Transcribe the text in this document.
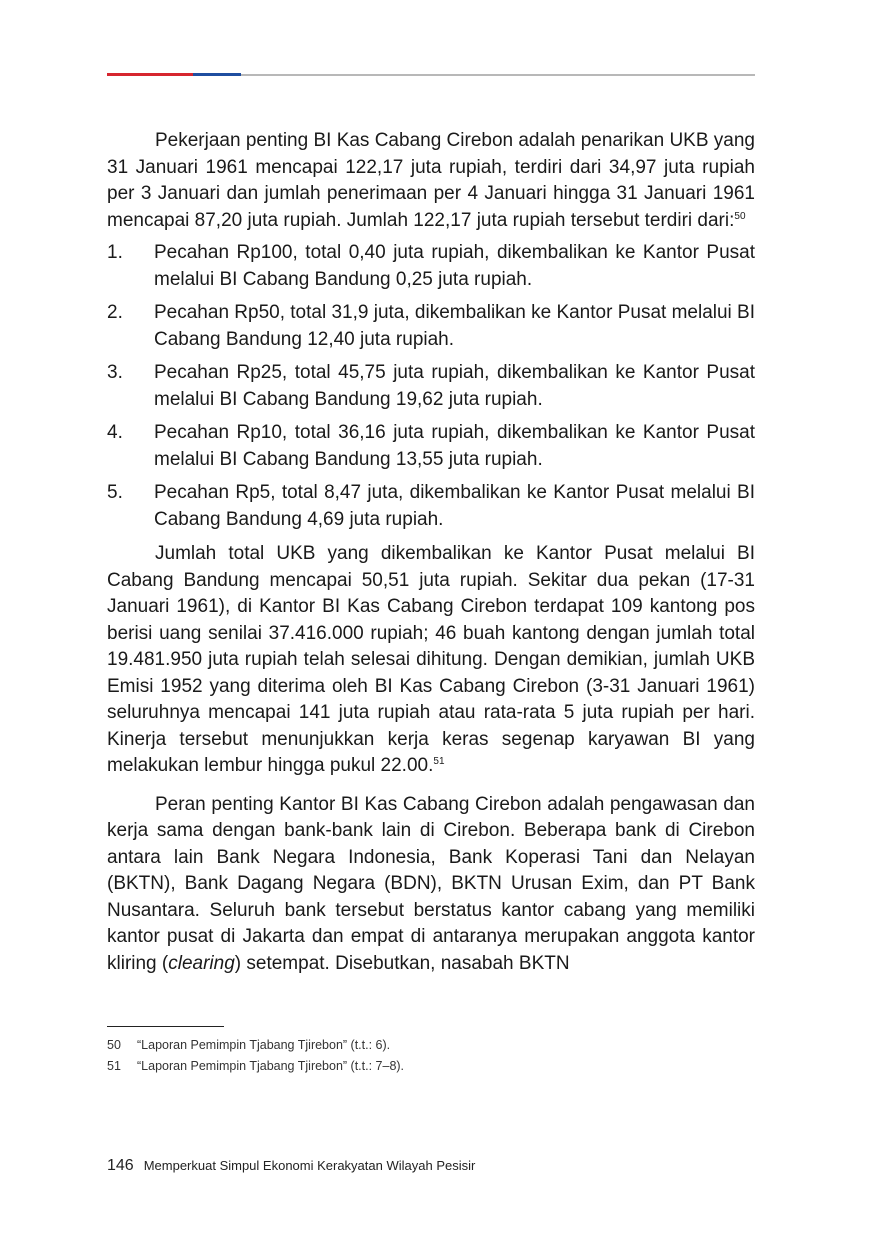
Pekerjaan penting BI Kas Cabang Cirebon adalah penarikan UKB yang 31 Januari 1961 mencapai 122,17 juta rupiah, terdiri dari 34,97 juta rupiah per 3 Januari dan jumlah penerimaan per 4 Januari hingga 31 Januari 1961 mencapai 87,20 juta rupiah. Jumlah 122,17 juta rupiah tersebut terdiri dari:$^{50}$

1. Pecahan Rp100, total 0,40 juta rupiah, dikembalikan ke Kantor Pusat melalui BI Cabang Bandung 0,25 juta rupiah.
2. Pecahan Rp50, total 31,9 juta, dikembalikan ke Kantor Pusat melalui BI Cabang Bandung 12,40 juta rupiah.
3. Pecahan Rp25, total 45,75 juta rupiah, dikembalikan ke Kantor Pusat melalui BI Cabang Bandung 19,62 juta rupiah.
4. Pecahan Rp10, total 36,16 juta rupiah, dikembalikan ke Kantor Pusat melalui BI Cabang Bandung 13,55 juta rupiah.
5. Pecahan Rp5, total 8,47 juta, dikembalikan ke Kantor Pusat melalui BI Cabang Bandung 4,69 juta rupiah.

Jumlah total UKB yang dikembalikan ke Kantor Pusat melalui BI Cabang Bandung mencapai 50,51 juta rupiah. Sekitar dua pekan (17-31 Januari 1961), di Kantor BI Kas Cabang Cirebon terdapat 109 kantong pos berisi uang senilai 37.416.000 rupiah; 46 buah kantong dengan jumlah total 19.481.950 juta rupiah telah selesai dihitung. Dengan demikian, jumlah UKB Emisi 1952 yang diterima oleh BI Kas Cabang Cirebon (3-31 Januari 1961) seluruhnya mencapai 141 juta rupiah atau rata-rata 5 juta rupiah per hari. Kinerja tersebut menunjukkan kerja keras segenap karyawan BI yang melakukan lembur hingga pukul 22.00.51

Peran penting Kantor BI Kas Cabang Cirebon adalah pengawasan dan kerja sama dengan bank-bank lain di Cirebon. Beberapa bank di Cirebon antara lain Bank Negara Indonesia, Bank Koperasi Tani dan Nelayan (BKTN), Bank Dagang Negara (BDN), BKTN Urusan Exim, dan PT Bank Nusantara. Seluruh bank tersebut berstatus kantor cabang yang memiliki kantor pusat di Jakarta dan empat di antaranya merupakan anggota kantor kliring (clearing) setempat. Disebutkan, nasabah BKTN

50 “Laporan Pemimpin Tjabang Tjirebon” (t.t.: 6).
51 “Laporan Pemimpin Tjabang Tjirebon” (t.t.: 7–8).
146 Memperkuat Simpul Ekonomi Kerakyatan Wilayah Pesisir
